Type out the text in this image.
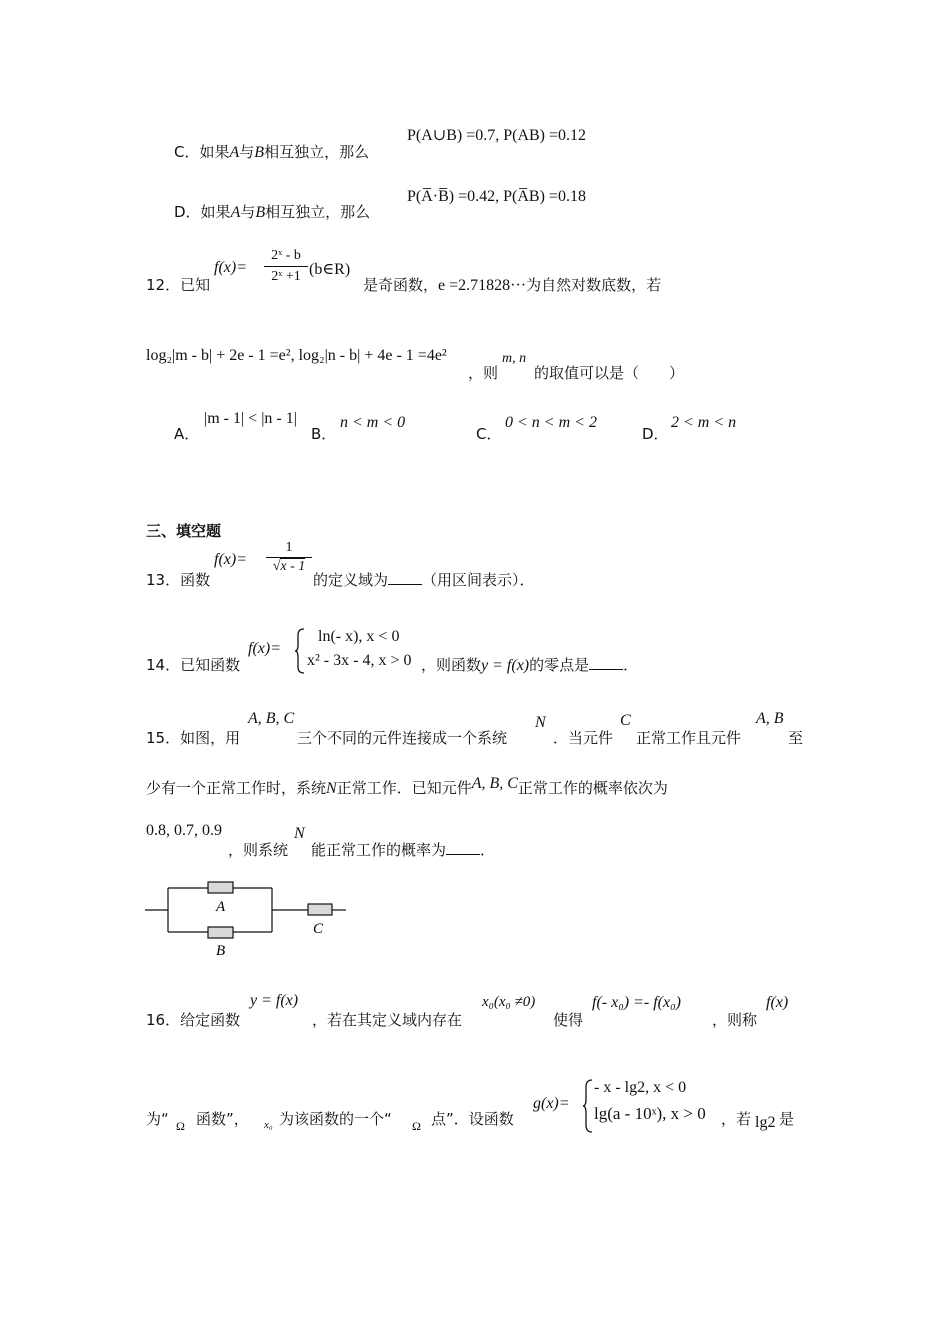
C．如果A与B相互独立，那么
P(A∪B) =0.7, P(AB) =0.12
D．如果A与B相互独立，那么
P(A̅·B̅) =0.42, P(A̅B) =0.18
12．已知
$f(x)= \frac{\text{2ˣ - b}}{\text{2ˣ +1}}$ (b∈R)
是奇函数，e =2.71828···为自然对数底数，若
log₂|m - b| + 2e - 1 =e², log₂|n - b| + 4e - 1 =4e²
，则
m, n
的取值可以是（　　）
A．
|m - 1| < |n - 1|
B．
n < m < 0
C．
0 < n < m < 2
D．
2 < m < n
三、填空题
13．函数
$f(x)= \frac{1}{√x - 1}$
的定义域为 （用区间表示）．
14．已知函数
f(x)=
ln(- x), x < 0
x² - 3x - 4, x > 0 ，则函数y = f(x)的零点是 ．
15．如图，用
A, B, C
三个不同的元件连接成一个系统
N
．当元件
C
正常工作且元件
A, B
至
少有一个正常工作时，系统N正常工作．已知元件A, B, C正常工作的概率依次为
0.8, 0.7, 0.9
，则系统
N
能正常工作的概率为 ．
A
B
C
16．给定函数
y = f(x)
，若在其定义域内存在
x₀(x₀ ≠0)
使得
f(- x₀) =- f(x₀)
，则称
f(x)
为“ Ω 函数”， x₀ 为该函数的一个“ Ω 点”．设函数
g(x)=
- x - lg2, x < 0
lg(a - 10ˣ), x > 0 ，若 lg2 是
